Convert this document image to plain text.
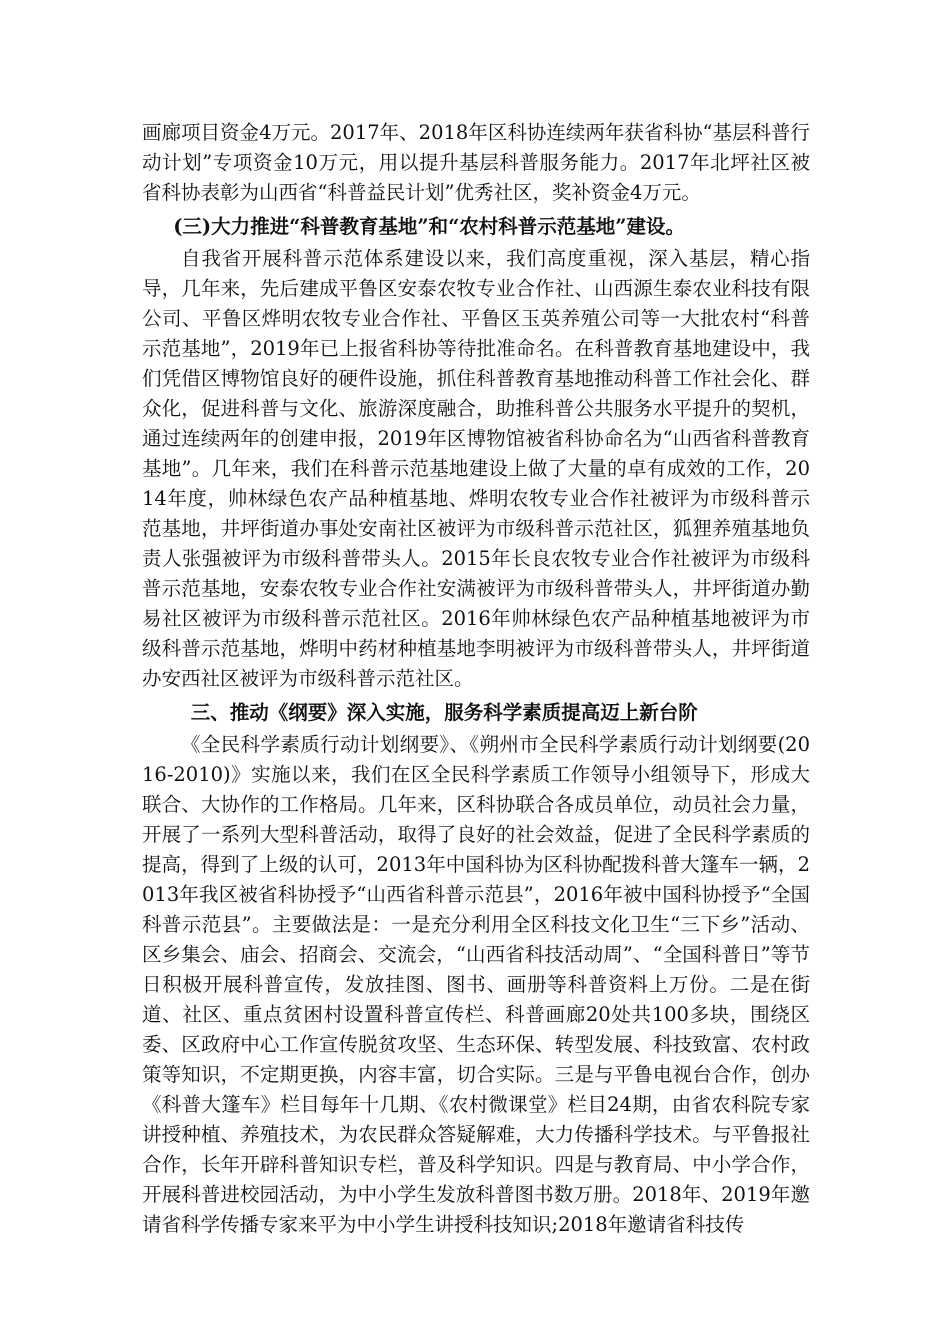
画廊项目资金4万元。2017年、2018年区科协连续两年获省科协“基层科普行动计划”专项资金10万元，用以提升基层科普服务能力。2017年北坪社区被省科协表彰为山西省“科普益民计划”优秀社区，奖补资金4万元。

(三)大力推进“科普教育基地”和“农村科普示范基地”建设。

自我省开展科普示范体系建设以来，我们高度重视，深入基层，精心指导，几年来，先后建成平鲁区安泰农牧专业合作社、山西源生泰农业科技有限公司、平鲁区烨明农牧专业合作社、平鲁区玉英养殖公司等一大批农村“科普示范基地”，2019年已上报省科协等待批准命名。在科普教育基地建设中，我们凭借区博物馆良好的硬件设施，抓住科普教育基地推动科普工作社会化、群众化，促进科普与文化、旅游深度融合，助推科普公共服务水平提升的契机，通过连续两年的创建申报，2019年区博物馆被省科协命名为“山西省科普教育基地”。几年来，我们在科普示范基地建设上做了大量的卓有成效的工作，2014年度，帅林绿色农产品种植基地、烨明农牧专业合作社被评为市级科普示范基地，井坪街道办事处安南社区被评为市级科普示范社区，狐狸养殖基地负责人张强被评为市级科普带头人。2015年长良农牧专业合作社被评为市级科普示范基地，安泰农牧专业合作社安满被评为市级科普带头人，井坪街道办勤易社区被评为市级科普示范社区。2016年帅林绿色农产品种植基地被评为市级科普示范基地，烨明中药材种植基地李明被评为市级科普带头人，井坪街道办安西社区被评为市级科普示范社区。

三、推动《纲要》深入实施，服务科学素质提高迈上新台阶

《全民科学素质行动计划纲要》、《朔州市全民科学素质行动计划纲要(2016-2010)》实施以来，我们在区全民科学素质工作领导小组领导下，形成大联合、大协作的工作格局。几年来，区科协联合各成员单位，动员社会力量，开展了一系列大型科普活动，取得了良好的社会效益，促进了全民科学素质的提高，得到了上级的认可，2013年中国科协为区科协配拨科普大篷车一辆，2013年我区被省科协授予“山西省科普示范县”，2016年被中国科协授予“全国科普示范县”。主要做法是：一是充分利用全区科技文化卫生“三下乡”活动、区乡集会、庙会、招商会、交流会，“山西省科技活动周”、“全国科普日”等节日积极开展科普宣传，发放挂图、图书、画册等科普资料上万份。二是在街道、社区、重点贫困村设置科普宣传栏、科普画廊20处共100多块，围绕区委、区政府中心工作宣传脱贫攻坚、生态环保、转型发展、科技致富、农村政策等知识，不定期更换，内容丰富，切合实际。三是与平鲁电视台合作，创办《科普大篷车》栏目每年十几期、《农村微课堂》栏目24期，由省农科院专家讲授种植、养殖技术，为农民群众答疑解难，大力传播科学技术。与平鲁报社合作，长年开辟科普知识专栏，普及科学知识。四是与教育局、中小学合作，开展科普进校园活动，为中小学生发放科普图书数万册。2018年、2019年邀请省科学传播专家来平为中小学生讲授科技知识;2018年邀请省科技传
